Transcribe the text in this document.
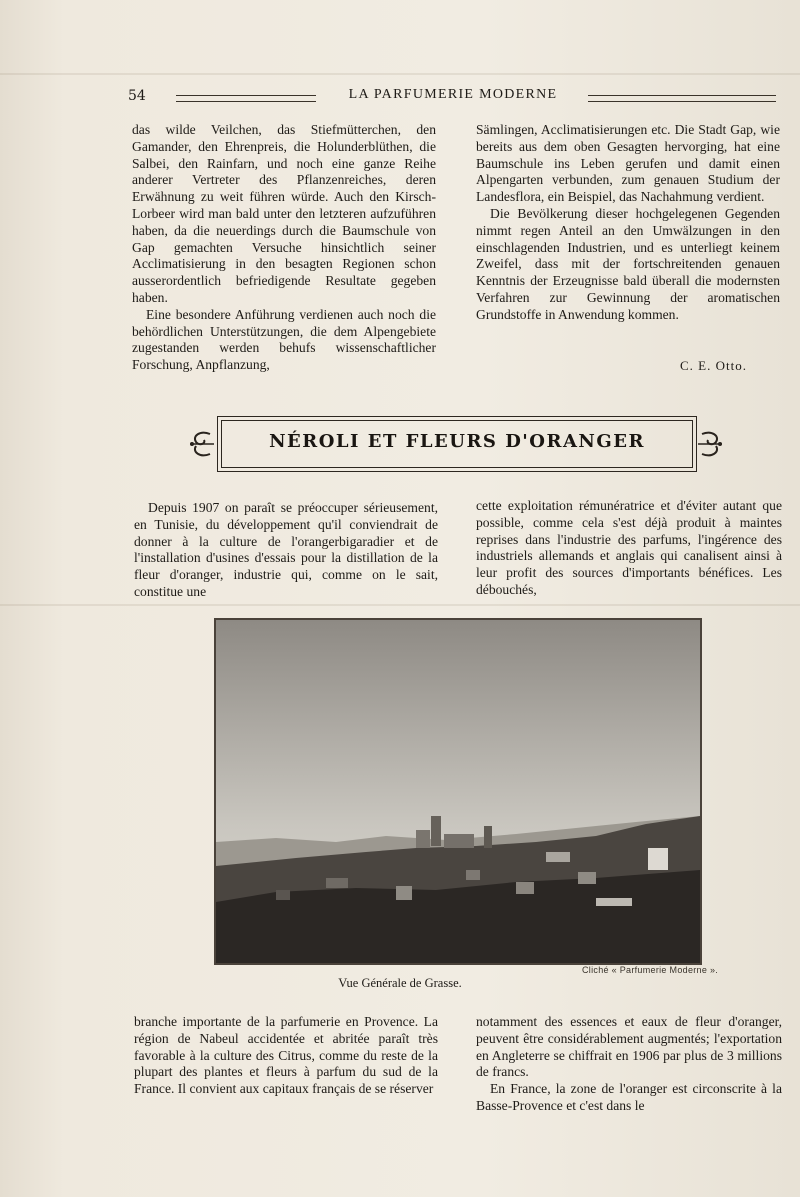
54	LA PARFUMERIE MODERNE

das wilde Veilchen, das Stiefmütterchen, den Gamander, den Ehrenpreis, die Holunderblüthen, die Salbei, den Rainfarn, und noch eine ganze Reihe anderer Vertreter des Pflanzenreiches, deren Erwähnung zu weit führen würde. Auch den Kirsch-Lorbeer wird man bald unter den letzteren aufzuführen haben, da die neuerdings durch die Baumschule von Gap gemachten Versuche hinsichtlich seiner Acclimatisierung in den besagten Regionen schon ausserordentlich befriedigende Resultate gegeben haben.

Eine besondere Anführung verdienen auch noch die behördlichen Unterstützungen, die dem Alpengebiete zugestanden werden behufs wissenschaftlicher Forschung, Anpflanzung,

Sämlingen, Acclimatisierungen etc. Die Stadt Gap, wie bereits aus dem oben Gesagten hervorging, hat eine Baumschule ins Leben gerufen und damit einen Alpengarten verbunden, zum genauen Studium der Landesflora, ein Beispiel, das Nachahmung verdient.

Die Bevölkerung dieser hochgelegenen Gegenden nimmt regen Anteil an den Umwälzungen in den einschlagenden Industrien, und es unterliegt keinem Zweifel, dass mit der fortschreitenden genauen Kenntnis der Erzeugnisse bald überall die modernsten Verfahren zur Gewinnung der aromatischen Grundstoffe in Anwendung kommen.

C. E. Otto.
NÉROLI ET FLEURS D'ORANGER

Depuis 1907 on paraît se préoccuper sérieusement, en Tunisie, du développement qu'il conviendrait de donner à la culture de l'orangerbigaradier et de l'installation d'usines d'essais pour la distillation de la fleur d'oranger, industrie qui, comme on le sait, constitue une

cette exploitation rémunératrice et d'éviter autant que possible, comme cela s'est déjà produit à maintes reprises dans l'industrie des parfums, l'ingérence des industriels allemands et anglais qui canalisent ainsi à leur profit des sources d'importants bénéfices. Les débouchés,

Cliché « Parfumerie Moderne ».
Vue Générale de Grasse.

branche importante de la parfumerie en Provence. La région de Nabeul accidentée et abritée paraît très favorable à la culture des Citrus, comme du reste de la plupart des plantes et fleurs à parfum du sud de la France. Il convient aux capitaux français de se réserver

notamment des essences et eaux de fleur d'oranger, peuvent être considérablement augmentés; l'exportation en Angleterre se chiffrait en 1906 par plus de 3 millions de francs.

En France, la zone de l'oranger est circonscrite à la Basse-Provence et c'est dans le
